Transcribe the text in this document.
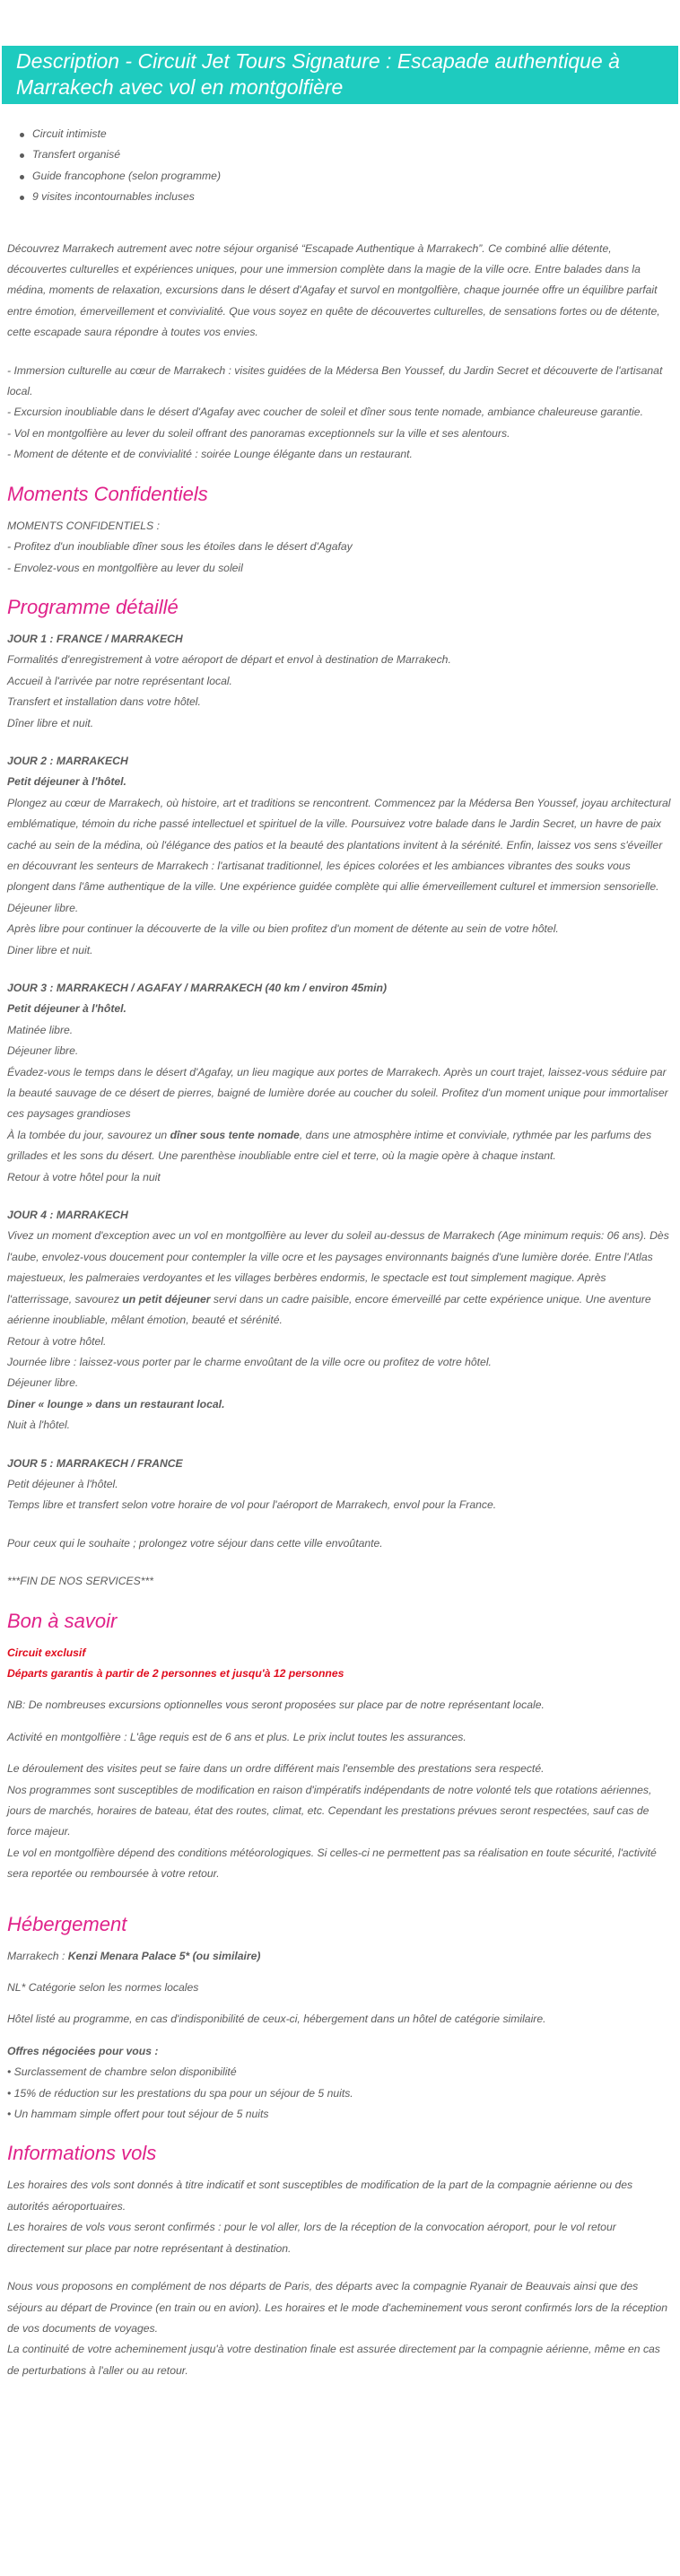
Description - Circuit Jet Tours Signature : Escapade authentique à Marrakech avec vol en montgolfière
Circuit intimiste
Transfert organisé
Guide francophone (selon programme)
9 visites incontournables incluses

Découvrez Marrakech autrement avec notre séjour organisé “Escapade Authentique à Marrakech”. Ce combiné allie détente, découvertes culturelles et expériences uniques, pour une immersion complète dans la magie de la ville ocre. Entre balades dans la médina, moments de relaxation, excursions dans le désert d'Agafay et survol en montgolfière, chaque journée offre un équilibre parfait entre émotion, émerveillement et convivialité. Que vous soyez en quête de découvertes culturelles, de sensations fortes ou de détente, cette escapade saura répondre à toutes vos envies.

- Immersion culturelle au cœur de Marrakech : visites guidées de la Médersa Ben Youssef, du Jardin Secret et découverte de l'artisanat local.

- Excursion inoubliable dans le désert d'Agafay avec coucher de soleil et dîner sous tente nomade, ambiance chaleureuse garantie.

- Vol en montgolfière au lever du soleil offrant des panoramas exceptionnels sur la ville et ses alentours.

- Moment de détente et de convivialité : soirée Lounge élégante dans un restaurant.

Moments Confidentiels

MOMENTS CONFIDENTIELS :

- Profitez d'un inoubliable dîner sous les étoiles dans le désert d'Agafay

- Envolez-vous en montgolfière au lever du soleil

Programme détaillé

JOUR 1 : FRANCE / MARRAKECH

Formalités d'enregistrement à votre aéroport de départ et envol à destination de Marrakech.

Accueil à l'arrivée par notre représentant local.

Transfert et installation dans votre hôtel.

Dîner libre et nuit.

JOUR 2 : MARRAKECH

Petit déjeuner à l'hôtel.

Plongez au cœur de Marrakech, où histoire, art et traditions se rencontrent. Commencez par la Médersa Ben Youssef, joyau architectural emblématique, témoin du riche passé intellectuel et spirituel de la ville. Poursuivez votre balade dans le Jardin Secret, un havre de paix caché au sein de la médina, où l'élégance des patios et la beauté des plantations invitent à la sérénité. Enfin, laissez vos sens s'éveiller en découvrant les senteurs de Marrakech : l'artisanat traditionnel, les épices colorées et les ambiances vibrantes des souks vous plongent dans l'âme authentique de la ville. Une expérience guidée complète qui allie émerveillement culturel et immersion sensorielle.

Déjeuner libre.

Après libre pour continuer la découverte de la ville ou bien profitez d'un moment de détente au sein de votre hôtel.

Diner libre et nuit.

JOUR 3 : MARRAKECH / AGAFAY / MARRAKECH (40 km / environ 45min)

Petit déjeuner à l'hôtel.

Matinée libre.

Déjeuner libre.

Évadez-vous le temps dans le désert d'Agafay, un lieu magique aux portes de Marrakech. Après un court trajet, laissez-vous séduire par la beauté sauvage de ce désert de pierres, baigné de lumière dorée au coucher du soleil. Profitez d'un moment unique pour immortaliser ces paysages grandioses

À la tombée du jour, savourez un dîner sous tente nomade, dans une atmosphère intime et conviviale, rythmée par les parfums des grillades et les sons du désert. Une parenthèse inoubliable entre ciel et terre, où la magie opère à chaque instant.

Retour à votre hôtel pour la nuit

JOUR 4 : MARRAKECH

Vivez un moment d'exception avec un vol en montgolfière au lever du soleil au-dessus de Marrakech (Age minimum requis: 06 ans). Dès l'aube, envolez-vous doucement pour contempler la ville ocre et les paysages environnants baignés d'une lumière dorée. Entre l'Atlas majestueux, les palmeraies verdoyantes et les villages berbères endormis, le spectacle est tout simplement magique. Après l'atterrissage, savourez un petit déjeuner servi dans un cadre paisible, encore émerveillé par cette expérience unique. Une aventure aérienne inoubliable, mêlant émotion, beauté et sérénité.

Retour à votre hôtel.

Journée libre : laissez-vous porter par le charme envoûtant de la ville ocre ou profitez de votre hôtel.

Déjeuner libre.

Diner « lounge » dans un restaurant local.

Nuit à l'hôtel.

JOUR 5 : MARRAKECH / FRANCE

Petit déjeuner à l'hôtel.

Temps libre et transfert selon votre horaire de vol pour l'aéroport de Marrakech, envol pour la France.

Pour ceux qui le souhaite ; prolongez votre séjour dans cette ville envoûtante.

***FIN DE NOS SERVICES***

Bon à savoir

Circuit exclusif

Départs garantis à partir de 2 personnes et jusqu'à 12 personnes

NB: De nombreuses excursions optionnelles vous seront proposées sur place par de notre représentant locale.

Activité en montgolfière : L'âge requis est de 6 ans et plus. Le prix inclut toutes les assurances.

Le déroulement des visites peut se faire dans un ordre différent mais l'ensemble des prestations sera respecté.
Nos programmes sont susceptibles de modification en raison d'impératifs indépendants de notre volonté tels que rotations aériennes, jours de marchés, horaires de bateau, état des routes, climat, etc. Cependant les prestations prévues seront respectées, sauf cas de force majeur.
Le vol en montgolfière dépend des conditions météorologiques. Si celles-ci ne permettent pas sa réalisation en toute sécurité, l'activité sera reportée ou remboursée à votre retour.

Hébergement

Marrakech : Kenzi Menara Palace 5* (ou similaire)

NL* Catégorie selon les normes locales

Hôtel listé au programme, en cas d'indisponibilité de ceux-ci, hébergement dans un hôtel de catégorie similaire.

Offres négociées pour vous :

• Surclassement de chambre selon disponibilité

• 15% de réduction sur les prestations du spa pour un séjour de 5 nuits.

• Un hammam simple offert pour tout séjour de 5 nuits

Informations vols

Les horaires des vols sont donnés à titre indicatif et sont susceptibles de modification de la part de la compagnie aérienne ou des autorités aéroportuaires.
Les horaires de vols vous seront confirmés : pour le vol aller, lors de la réception de la convocation aéroport, pour le vol retour directement sur place par notre représentant à destination.

Nous vous proposons en complément de nos départs de Paris, des départs avec la compagnie Ryanair de Beauvais ainsi que des séjours au départ de Province (en train ou en avion). Les horaires et le mode d'acheminement vous seront confirmés lors de la réception de vos documents de voyages.
La continuité de votre acheminement jusqu'à votre destination finale est assurée directement par la compagnie aérienne, même en cas de perturbations à l'aller ou au retour.
